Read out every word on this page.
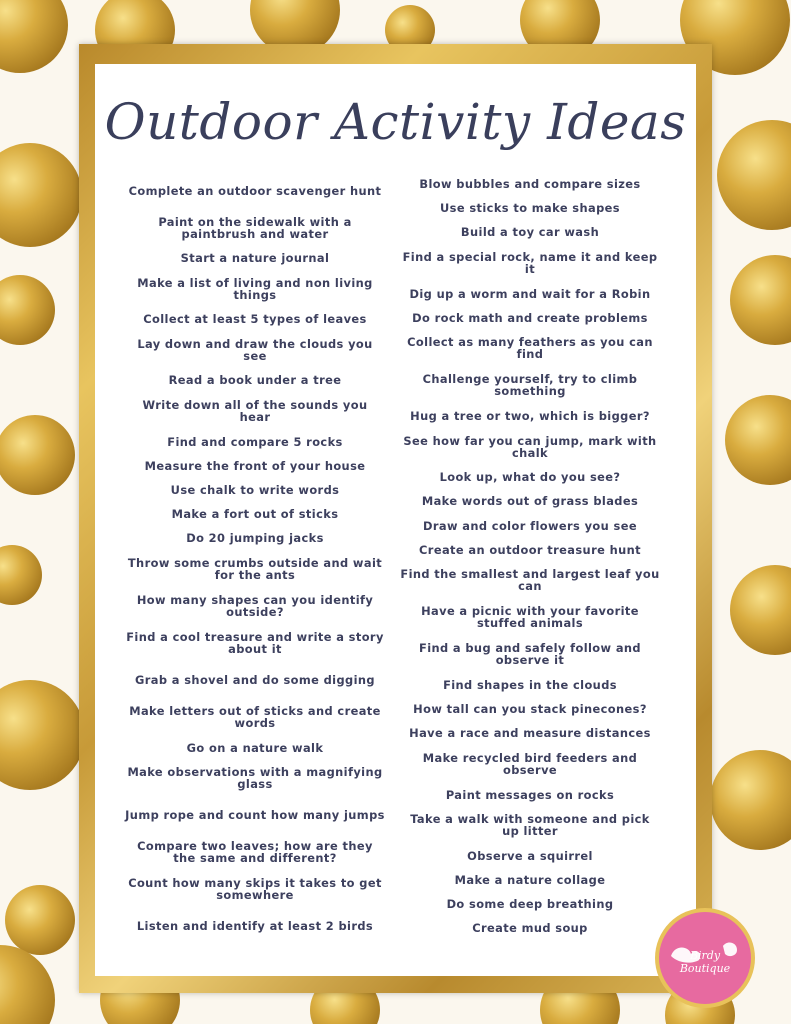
Outdoor Activity Ideas
Complete an outdoor scavenger hunt
Paint on the sidewalk with a paintbrush and water
Start a nature journal
Make a list of living and non living things
Collect at least 5 types of leaves
Lay down and draw the clouds you see
Read a book under a tree
Write down all of the sounds you hear
Find and compare 5 rocks
Measure the front of your house
Use chalk to write words
Make a fort out of sticks
Do 20 jumping jacks
Throw some crumbs outside and wait for the ants
How many shapes can you identify outside?
Find a cool treasure and write a story about it
Grab a shovel and do some digging
Make letters out of sticks and create words
Go on a nature walk
Make observations with a magnifying glass
Jump rope and count how many jumps
Compare two leaves; how are they the same and different?
Count how many skips it takes to get somewhere
Listen and identify at least 2 birds
Blow bubbles and compare sizes
Use sticks to make shapes
Build a toy car wash
Find a special rock, name it and keep it
Dig up a worm and wait for a Robin
Do rock math and create problems
Collect as many feathers as you can find
Challenge yourself, try to climb something
Hug a tree or two, which is bigger?
See how far you can jump, mark with chalk
Look up, what do you see?
Make words out of grass blades
Draw and color flowers you see
Create an outdoor treasure hunt
Find the smallest and largest leaf you can
Have a picnic with your favorite stuffed animals
Find a bug and safely follow and observe it
Find shapes in the clouds
How tall can you stack pinecones?
Have a race and measure distances
Make recycled bird feeders and observe
Paint messages on rocks
Take a walk with someone and pick up litter
Observe a squirrel
Make a nature collage
Do some deep breathing
Create mud soup
Birdy
Boutique
